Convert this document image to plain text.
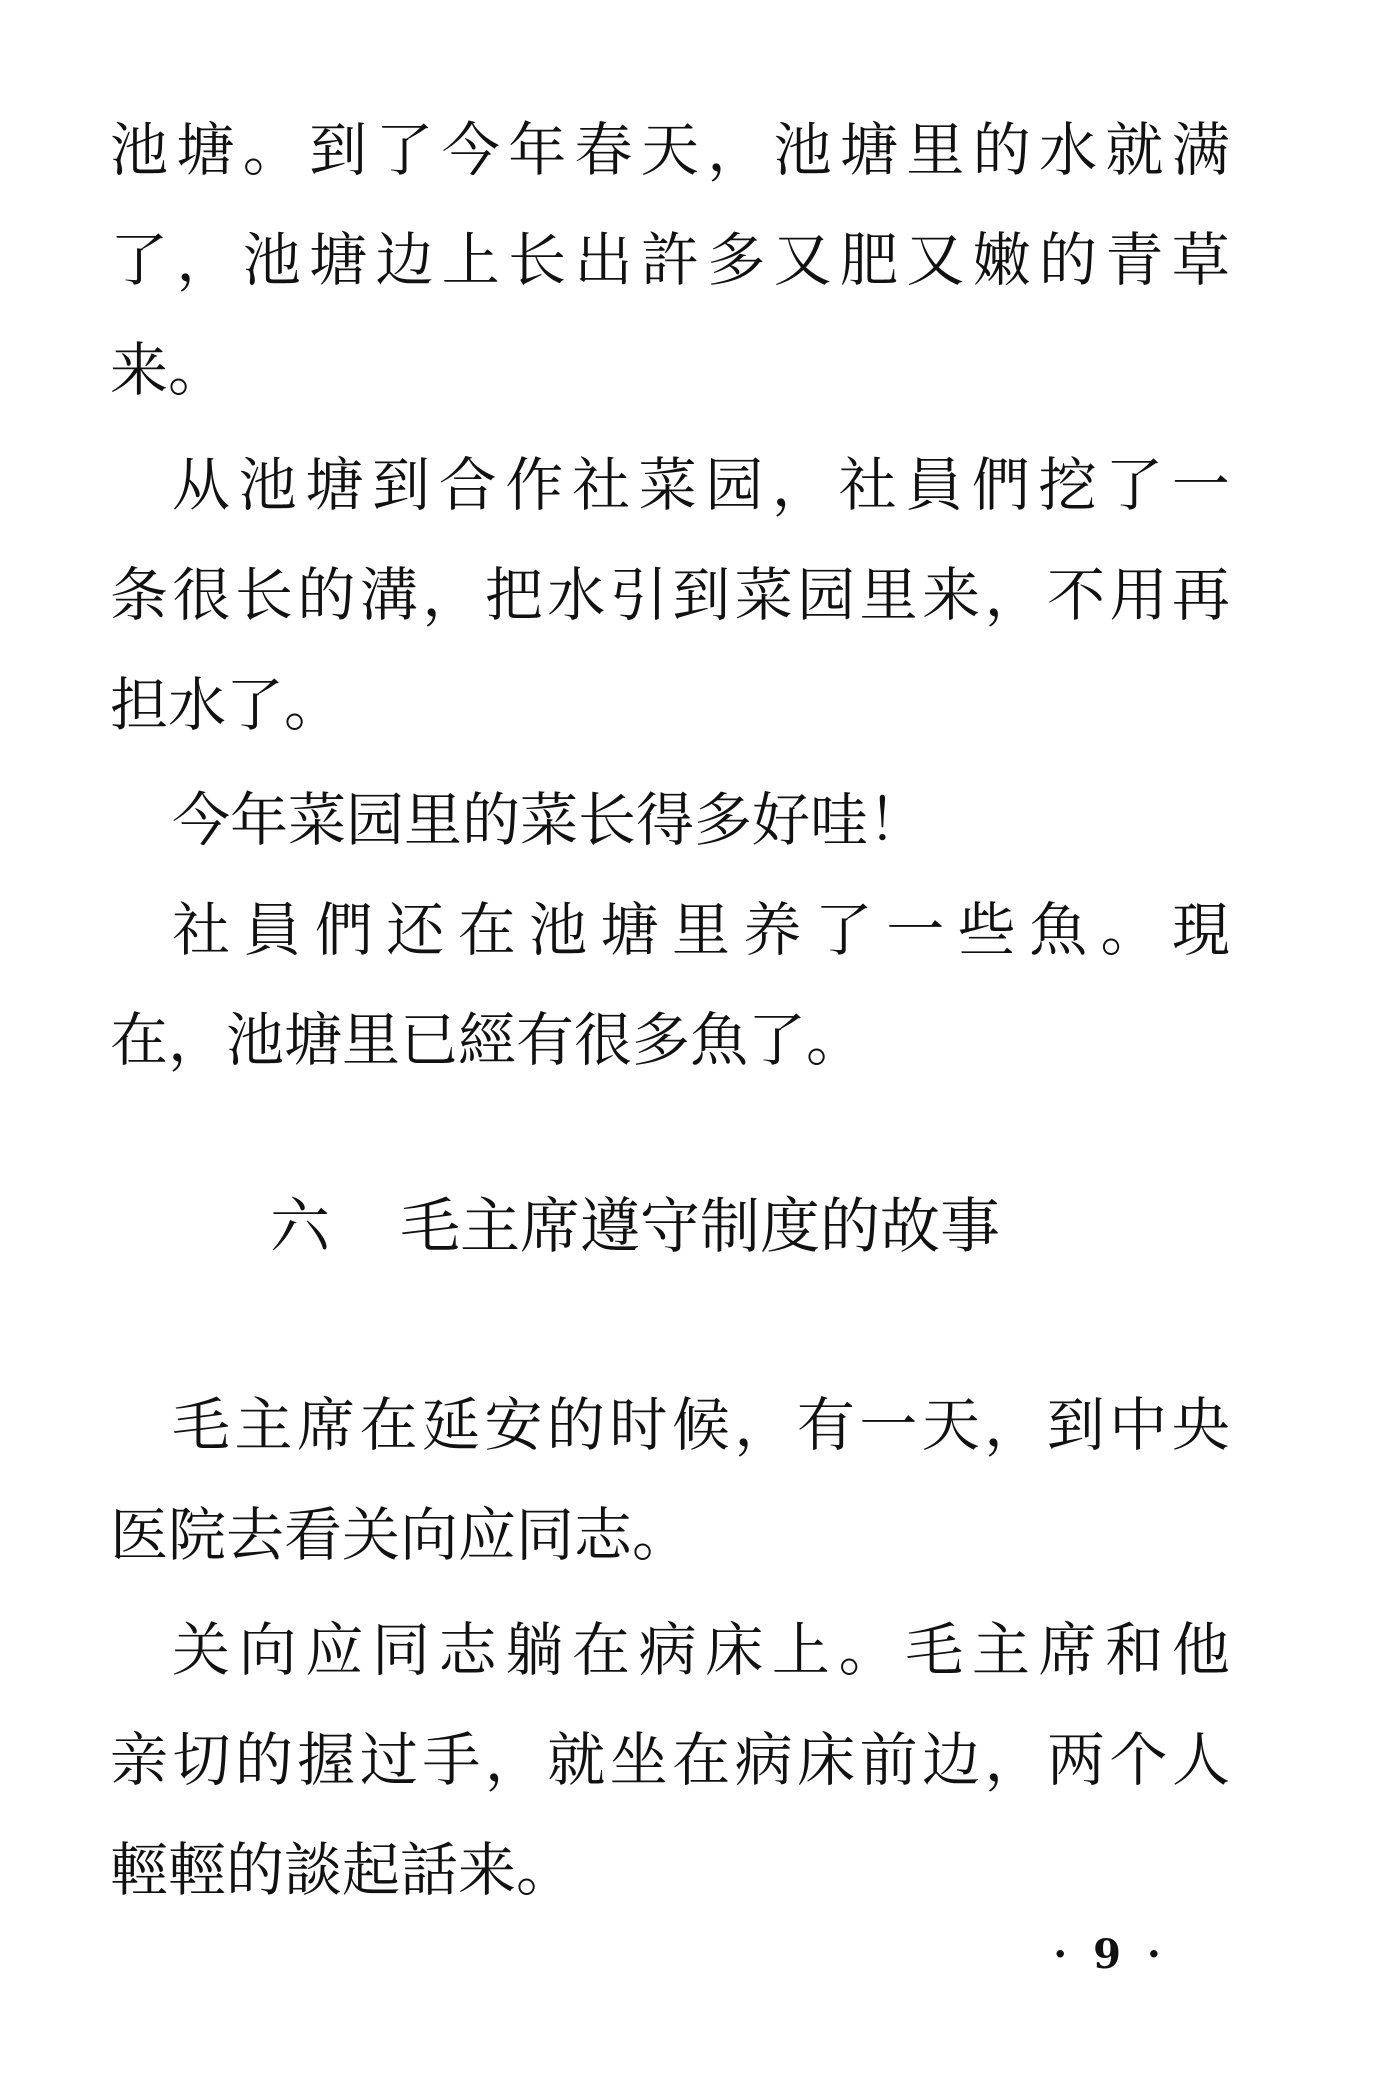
池 塘 。 到 了 今 年 春 天 ， 池 塘 里 的 水 就 满
了 ， 池 塘 边 上 长 出 許 多 又 肥 又 嫩 的 青 草
来。
从 池 塘 到 合 作 社 菜 园 ， 社 員 們 挖 了 一
条 很 长 的 溝 ， 把 水 引 到 菜 园 里 来 ， 不 用 再
担水了。
今年菜园里的菜长得多好哇！
社 員 們 还 在 池 塘 里 养 了 一 些 魚 。 現
在，池塘里已經有很多魚了。
六 毛主席遵守制度的故事
毛 主 席 在 延 安 的 时 候 ， 有 一 天 ， 到 中 央
医院去看关向应同志。
关 向 应 同 志 躺 在 病 床 上 。 毛 主 席 和 他
亲 切 的 握 过 手 ， 就 坐 在 病 床 前 边 ， 两 个 人
輕輕的談起話来。
· 9 ·
